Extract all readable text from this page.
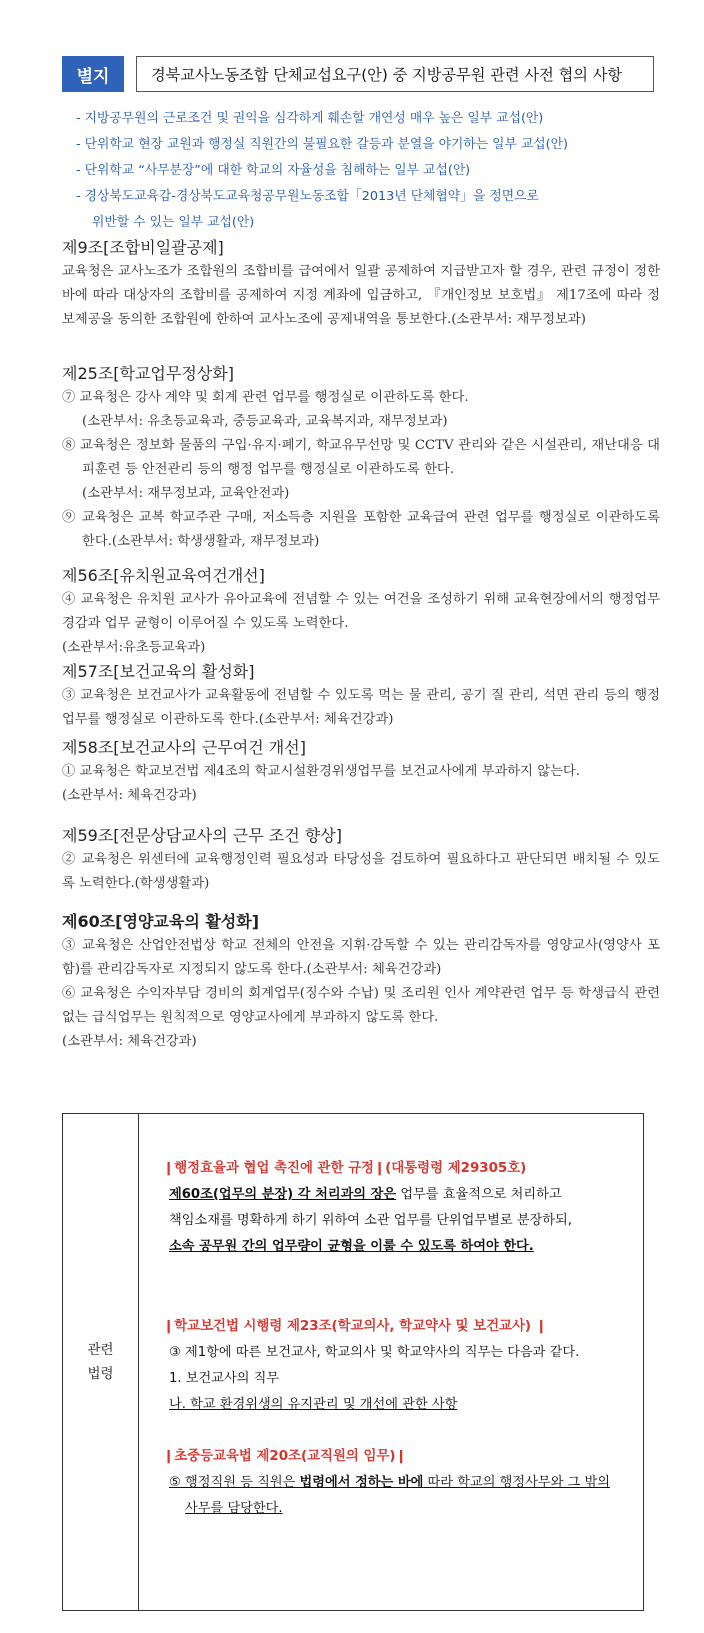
별지	경북교사노동조합 단체교섭요구(안) 중 지방공무원 관련 사전 협의 사항
- 지방공무원의 근로조건 및 권익을 심각하게 훼손할 개연성 매우 높은 일부 교섭(안)
- 단위학교 현장 교원과 행정실 직원간의 불필요한 갈등과 분열을 야기하는 일부 교섭(안)
- 단위학교 “사무분장”에 대한 학교의 자율성을 침해하는 일부 교섭(안)
- 경상북도교육감-경상북도교육청공무원노동조합「2013년 단체협약」을 정면으로
위반할 수 있는 일부 교섭(안)
제9조[조합비일괄공제]
교육청은 교사노조가 조합원의 조합비를 급여에서 일괄 공제하여 지급받고자 할 경우, 관련 규정이 정한 바에 따라 대상자의 조합비를 공제하여 지정 계좌에 입금하고, 『개인정보 보호법』 제17조에 따라 정보제공을 동의한 조합원에 한하여 교사노조에 공제내역을 통보한다.(소관부서: 재무정보과)
제25조[학교업무정상화]
⑦ 교육청은 강사 계약 및 회계 관련 업무를 행정실로 이관하도록 한다.
(소관부서: 유초등교육과, 중등교육과, 교육복지과, 재무정보과)
⑧ 교육청은 정보화 물품의 구입·유지·폐기, 학교유무선망 및 CCTV 관리와 같은 시설관리, 재난대응 대피훈련 등 안전관리 등의 행정 업무를 행정실로 이관하도록 한다.
(소관부서: 재무정보과, 교육안전과)
⑨ 교육청은 교복 학교주관 구매, 저소득층 지원을 포함한 교육급여 관련 업무를 행정실로 이관하도록 한다.(소관부서: 학생생활과, 재무정보과)
제56조[유치원교육여건개선]
④ 교육청은 유치원 교사가 유아교육에 전념할 수 있는 여건을 조성하기 위해 교육현장에서의 행정업무 경감과 업무 균형이 이루어질 수 있도록 노력한다.
(소관부서:유초등교육과)
제57조[보건교육의 활성화]
③ 교육청은 보건교사가 교육활동에 전념할 수 있도록 먹는 물 관리, 공기 질 관리, 석면 관리 등의 행정 업무를 행정실로 이관하도록 한다.(소관부서: 체육건강과)
제58조[보건교사의 근무여건 개선]
① 교육청은 학교보건법 제4조의 학교시설환경위생업무를 보건교사에게 부과하지 않는다.
(소관부서: 체육건강과)
제59조[전문상담교사의 근무 조건 향상]
② 교육청은 위센터에 교육행정인력 필요성과 타당성을 검토하여 필요하다고 판단되면 배치될 수 있도록 노력한다.(학생생활과)
제60조[영양교육의 활성화]
③ 교육청은 산업안전법상 학교 전체의 안전을 지휘·감독할 수 있는 관리감독자를 영양교사(영양사 포함)를 관리감독자로 지정되지 않도록 한다.(소관부서: 체육건강과)
⑥ 교육청은 수익자부담 경비의 회계업무(징수와 수납) 및 조리원 인사 계약관련 업무 등 학생급식 관련 없는 급식업무는 원칙적으로 영양교사에게 부과하지 않도록 한다.
(소관부서: 체육건강과)
관련
법령
❙행정효율과 협업 촉진에 관한 규정❙(대통령령 제29305호)
제60조(업무의 분장) 각 처리과의 장은 업무를 효율적으로 처리하고
책임소재를 명확하게 하기 위하여 소관 업무를 단위업무별로 분장하되,
소속 공무원 간의 업무량이 균형을 이룰 수 있도록 하여야 한다.
❙학교보건법 시행령 제23조(학교의사, 학교약사 및 보건교사) ❙
③ 제1항에 따른 보건교사, 학교의사 및 학교약사의 직무는 다음과 같다.
1. 보건교사의 직무
나. 학교 환경위생의 유지관리 및 개선에 관한 사항
❙초중등교육법 제20조(교직원의 임무)❙
⑤ 행정직원 등 직원은 법령에서 정하는 바에 따라 학교의 행정사무와 그 밖의
사무를 담당한다.
